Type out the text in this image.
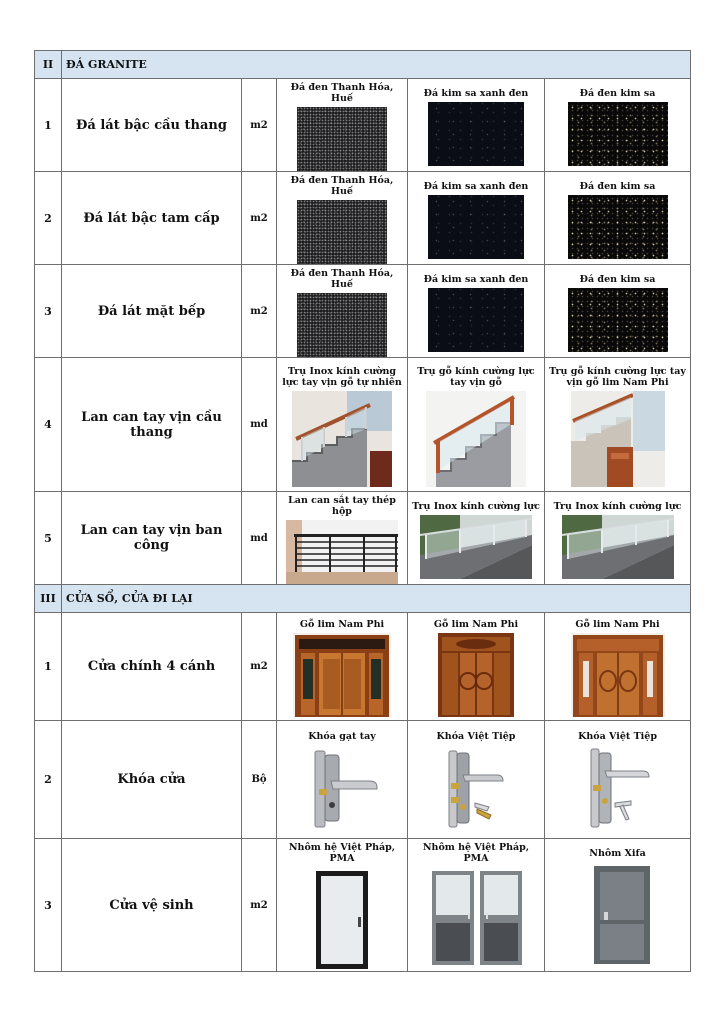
II	ĐÁ GRANITE				
1	Đá lát bậc cầu thang	m2	Đá đen Thanh Hóa, Huế	Đá kim sa xanh đen	Đá đen kim sa

2	Đá lát bậc tam cấp	m2	Đá đen Thanh Hóa, Huế	Đá kim sa xanh đen	Đá đen kim sa

3	Đá lát mặt bếp	m2	Đá đen Thanh Hóa, Huế	Đá kim sa xanh đen	Đá đen kim sa

4	Lan can tay vịn cầu thang	md	Trụ Inox kính cường lực tay vịn gỗ tự nhiên	Trụ gỗ kính cường lực tay vịn gỗ	Trụ gỗ kính cường lực tay vịn gỗ lim Nam Phi

5	Lan can tay vịn ban công	md	Lan can sắt tay thép hộp	Trụ Inox kính cường lực	Trụ Inox kính cường lực

III	CỬA SỔ, CỬA ĐI LẠI				
1	Cửa chính 4 cánh	m2	Gỗ lim Nam Phi	Gỗ lim Nam Phi	Gỗ lim Nam Phi

2	Khóa cửa	Bộ	Khóa gạt tay	Khóa Việt Tiệp	Khóa Việt Tiệp

3	Cửa vệ sinh	m2	Nhôm hệ Việt Pháp, PMA	Nhôm hệ Việt Pháp, PMA	Nhôm Xifa
